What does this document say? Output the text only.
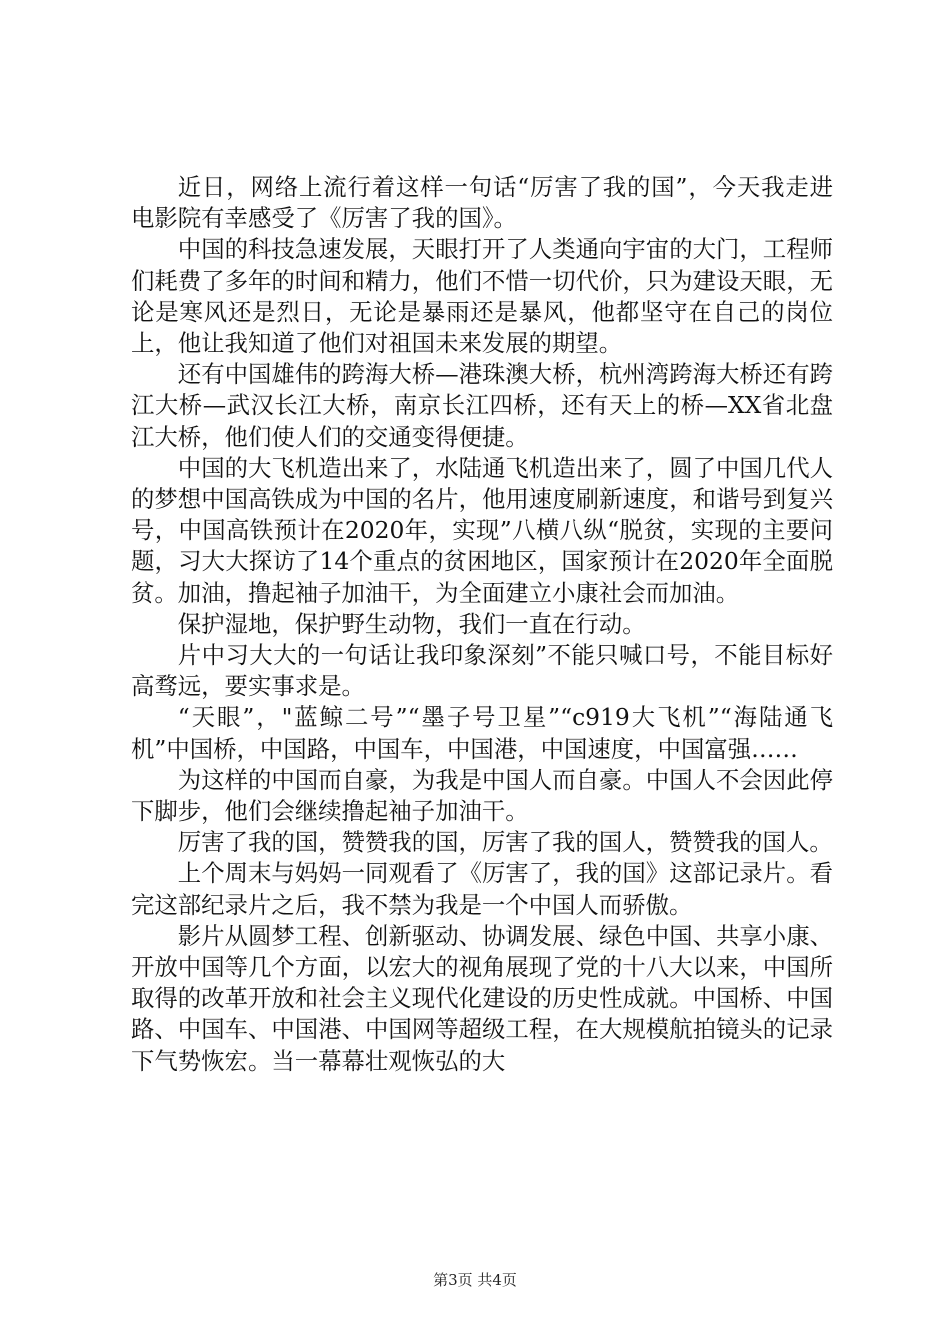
近日，网络上流行着这样一句话“厉害了我的国”，今天我走进电影院有幸感受了《厉害了我的国》。

中国的科技急速发展，天眼打开了人类通向宇宙的大门，工程师们耗费了多年的时间和精力，他们不惜一切代价，只为建设天眼，无论是寒风还是烈日，无论是暴雨还是暴风，他都坚守在自己的岗位上，他让我知道了他们对祖国未来发展的期望。

还有中国雄伟的跨海大桥—港珠澳大桥，杭州湾跨海大桥还有跨江大桥—武汉长江大桥，南京长江四桥，还有天上的桥—XX省北盘江大桥，他们使人们的交通变得便捷。

中国的大飞机造出来了，水陆通飞机造出来了，圆了中国几代人的梦想中国高铁成为中国的名片，他用速度刷新速度，和谐号到复兴号，中国高铁预计在2020年，实现”八横八纵“脱贫，实现的主要问题，习大大探访了14个重点的贫困地区，国家预计在2020年全面脱贫。加油，撸起袖子加油干，为全面建立小康社会而加油。

保护湿地，保护野生动物，我们一直在行动。

片中习大大的一句话让我印象深刻”不能只喊口号，不能目标好高骛远，要实事求是。

“天眼”，"蓝鲸二号”“墨子号卫星”“c919大飞机”“海陆通飞机”中国桥，中国路，中国车，中国港，中国速度，中国富强……

为这样的中国而自豪，为我是中国人而自豪。中国人不会因此停下脚步，他们会继续撸起袖子加油干。

厉害了我的国，赞赞我的国，厉害了我的国人，赞赞我的国人。

上个周末与妈妈一同观看了《厉害了，我的国》这部记录片。看完这部纪录片之后，我不禁为我是一个中国人而骄傲。

影片从圆梦工程、创新驱动、协调发展、绿色中国、共享小康、开放中国等几个方面，以宏大的视角展现了党的十八大以来，中国所取得的改革开放和社会主义现代化建设的历史性成就。中国桥、中国路、中国车、中国港、中国网等超级工程，在大规模航拍镜头的记录下气势恢宏。当一幕幕壮观恢弘的大

第3页 共4页
